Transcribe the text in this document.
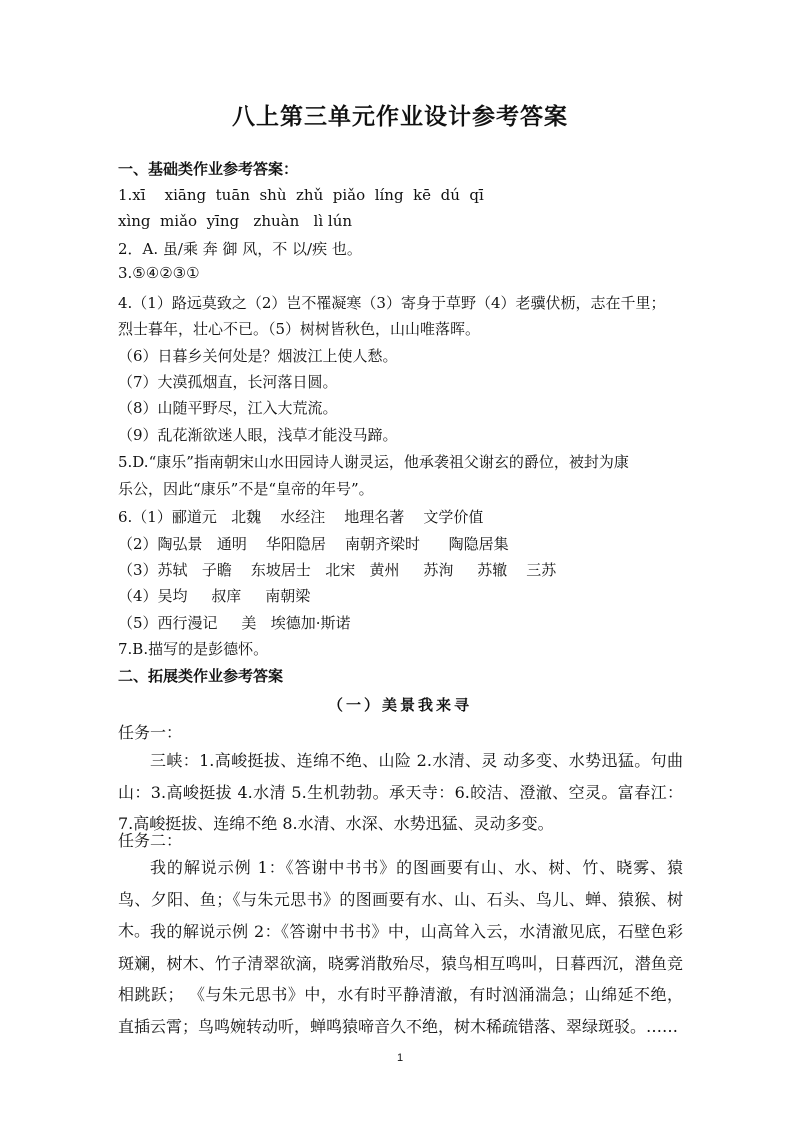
八上第三单元作业设计参考答案
一、基础类作业参考答案：
1.xī    xiāng  tuān  shù  zhǔ  piǎo  líng  kē  dú  qī
xìng  miǎo  yīng   zhuàn   lì lún
2．A. 虽/乘 奔 御 风，不 以/疾 也。
3.⑤④②③①
4.（1）路远莫致之（2）岂不罹凝寒（3）寄身于草野（4）老骥伏枥，志在千里；
烈士暮年，壮心不已。（5）树树皆秋色，山山唯落晖。
（6）日暮乡关何处是？烟波江上使人愁。
（7）大漠孤烟直，长河落日圆。
（8）山随平野尽，江入大荒流。
（9）乱花渐欲迷人眼，浅草才能没马蹄。
5.D.“康乐”指南朝宋山水田园诗人谢灵运，他承袭祖父谢玄的爵位，被封为康
乐公，因此“康乐”不是“皇帝的年号”。
6.（1）郦道元   北魏    水经注    地理名著    文学价值
（2）陶弘景   通明    华阳隐居    南朝齐梁时      陶隐居集
（3）苏轼   子瞻    东坡居士   北宋   黄州     苏洵     苏辙    三苏
（4）吴均     叔庠     南朝梁
（5）西行漫记     美   埃德加·斯诺
7.B.描写的是彭德怀。
二、拓展类作业参考答案
（一）美景我来寻
任务一：
三峡：1.高峻挺拔、连绵不绝、山险 2.水清、灵 动多变、水势迅猛。句曲山：3.高峻挺拔 4.水清 5.生机勃勃。承天寺：6.皎洁、澄澈、空灵。富春江：7.高峻挺拔、连绵不绝 8.水清、水深、水势迅猛、灵动多变。
任务二：
我的解说示例 1：《答谢中书书》的图画要有山、水、树、竹、晓雾、猿鸟、夕阳、鱼；《与朱元思书》的图画要有水、山、石头、鸟儿、蝉、猿猴、树木。 我的解说示例 2：《答谢中书书》中，山高耸入云，水清澈见底，石壁色彩斑斓，树木、竹子清翠欲滴，晓雾消散殆尽，猿鸟相互鸣叫，日暮西沉，潜鱼竞相跳跃； 《与朱元思书》中，水有时平静清澈，有时汹涌湍急；山绵延不绝，直插云霄；鸟鸣婉转动听，蝉鸣猿啼音久不绝，树木稀疏错落、翠绿斑驳。……
1
